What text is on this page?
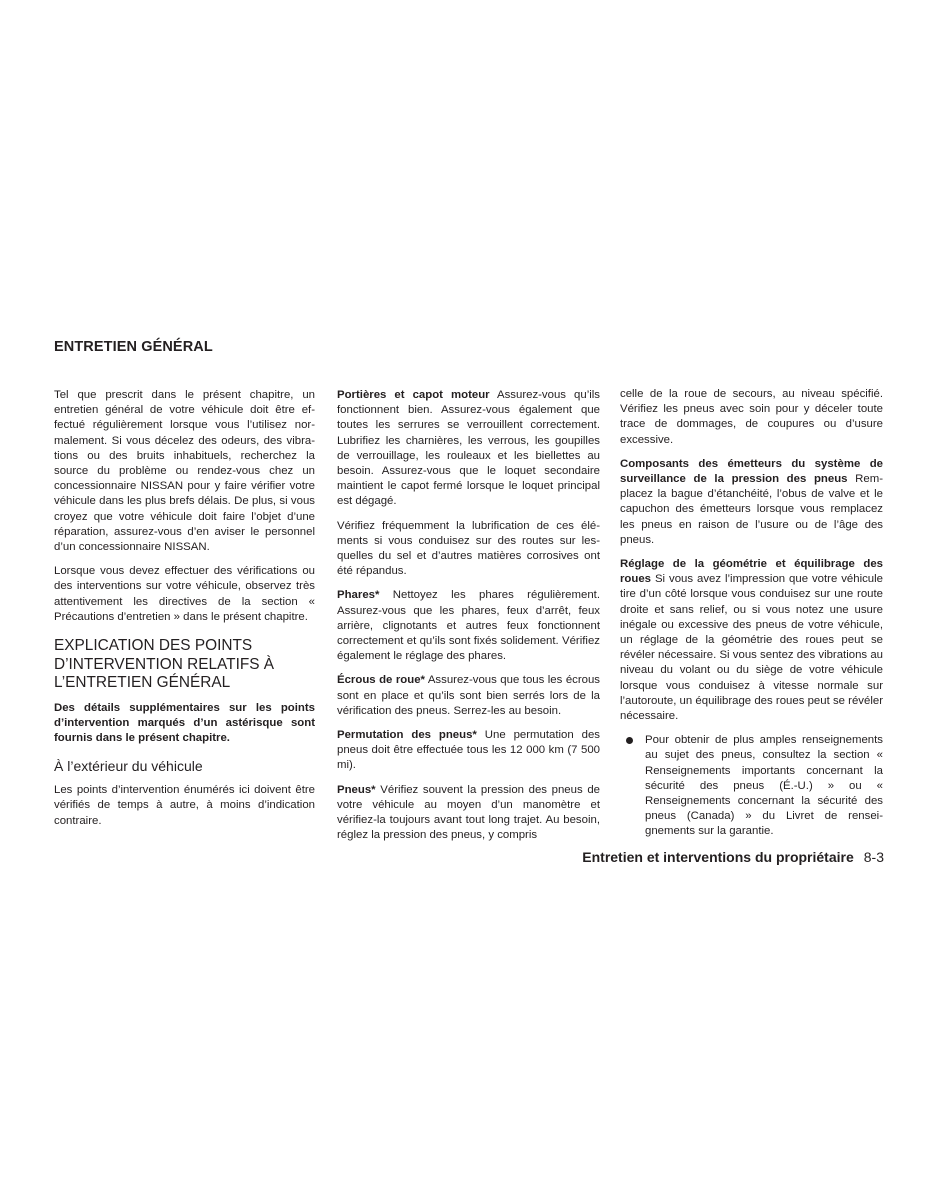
ENTRETIEN GÉNÉRAL

Tel que prescrit dans le présent chapitre, un entretien général de votre véhicule doit être effectué régulièrement lorsque vous l’utilisez normalement. Si vous décelez des odeurs, des vibrations ou des bruits inhabituels, recherchez la source du problème ou rendez-vous chez un concessionnaire NISSAN pour y faire vérifier votre véhicule dans les plus brefs délais. De plus, si vous croyez que votre véhicule doit faire l’objet d’une réparation, assurez-vous d’en aviser le personnel d’un concessionnaire NISSAN.

Lorsque vous devez effectuer des vérifications ou des interventions sur votre véhicule, observez très attentivement les directives de la section « Précautions d’entretien » dans le présent chapitre.

EXPLICATION DES POINTS D’INTERVENTION RELATIFS À L’ENTRETIEN GÉNÉRAL

Des détails supplémentaires sur les points d’intervention marqués d’un astérisque sont fournis dans le présent chapitre.

À l’extérieur du véhicule

Les points d’intervention énumérés ici doivent être vérifiés de temps à autre, à moins d’indication contraire.

Portières et capot moteur Assurez-vous qu’ils fonctionnent bien. Assurez-vous également que toutes les serrures se verrouillent correctement. Lubrifiez les charnières, les verrous, les goupilles de verrouillage, les rouleaux et les biellettes au besoin. Assurez-vous que le loquet secondaire maintient le capot fermé lorsque le loquet principal est dégagé.

Vérifiez fréquemment la lubrification de ces éléments si vous conduisez sur des routes sur lesquelles du sel et d’autres matières corrosives ont été répandus.

Phares* Nettoyez les phares régulièrement. Assurez-vous que les phares, feux d’arrêt, feux arrière, clignotants et autres feux fonctionnent correctement et qu’ils sont fixés solidement. Vérifiez également le réglage des phares.

Écrous de roue* Assurez-vous que tous les écrous sont en place et qu’ils sont bien serrés lors de la vérification des pneus. Serrez-les au besoin.

Permutation des pneus* Une permutation des pneus doit être effectuée tous les 12 000 km (7 500 mi).

Pneus* Vérifiez souvent la pression des pneus de votre véhicule au moyen d’un manomètre et vérifiez-la toujours avant tout long trajet. Au besoin, réglez la pression des pneus, y compris

celle de la roue de secours, au niveau spécifié. Vérifiez les pneus avec soin pour y déceler toute trace de dommages, de coupures ou d’usure excessive.

Composants des émetteurs du système de surveillance de la pression des pneus Remplacez la bague d’étanchéité, l’obus de valve et le capuchon des émetteurs lorsque vous remplacez les pneus en raison de l’usure ou de l’âge des pneus.

Réglage de la géométrie et équilibrage des roues Si vous avez l’impression que votre véhicule tire d’un côté lorsque vous conduisez sur une route droite et sans relief, ou si vous notez une usure inégale ou excessive des pneus de votre véhicule, un réglage de la géométrie des roues peut se révéler nécessaire. Si vous sentez des vibrations au niveau du volant ou du siège de votre véhicule lorsque vous conduisez à vitesse normale sur l’autoroute, un équilibrage des roues peut se révéler nécessaire.

Pour obtenir de plus amples renseignements au sujet des pneus, consultez la section « Renseignements importants concernant la sécurité des pneus (É.-U.) » ou « Renseignements concernant la sécurité des pneus (Canada) » du Livret de renseignements sur la garantie.
Entretien et interventions du propriétaire 8-3
